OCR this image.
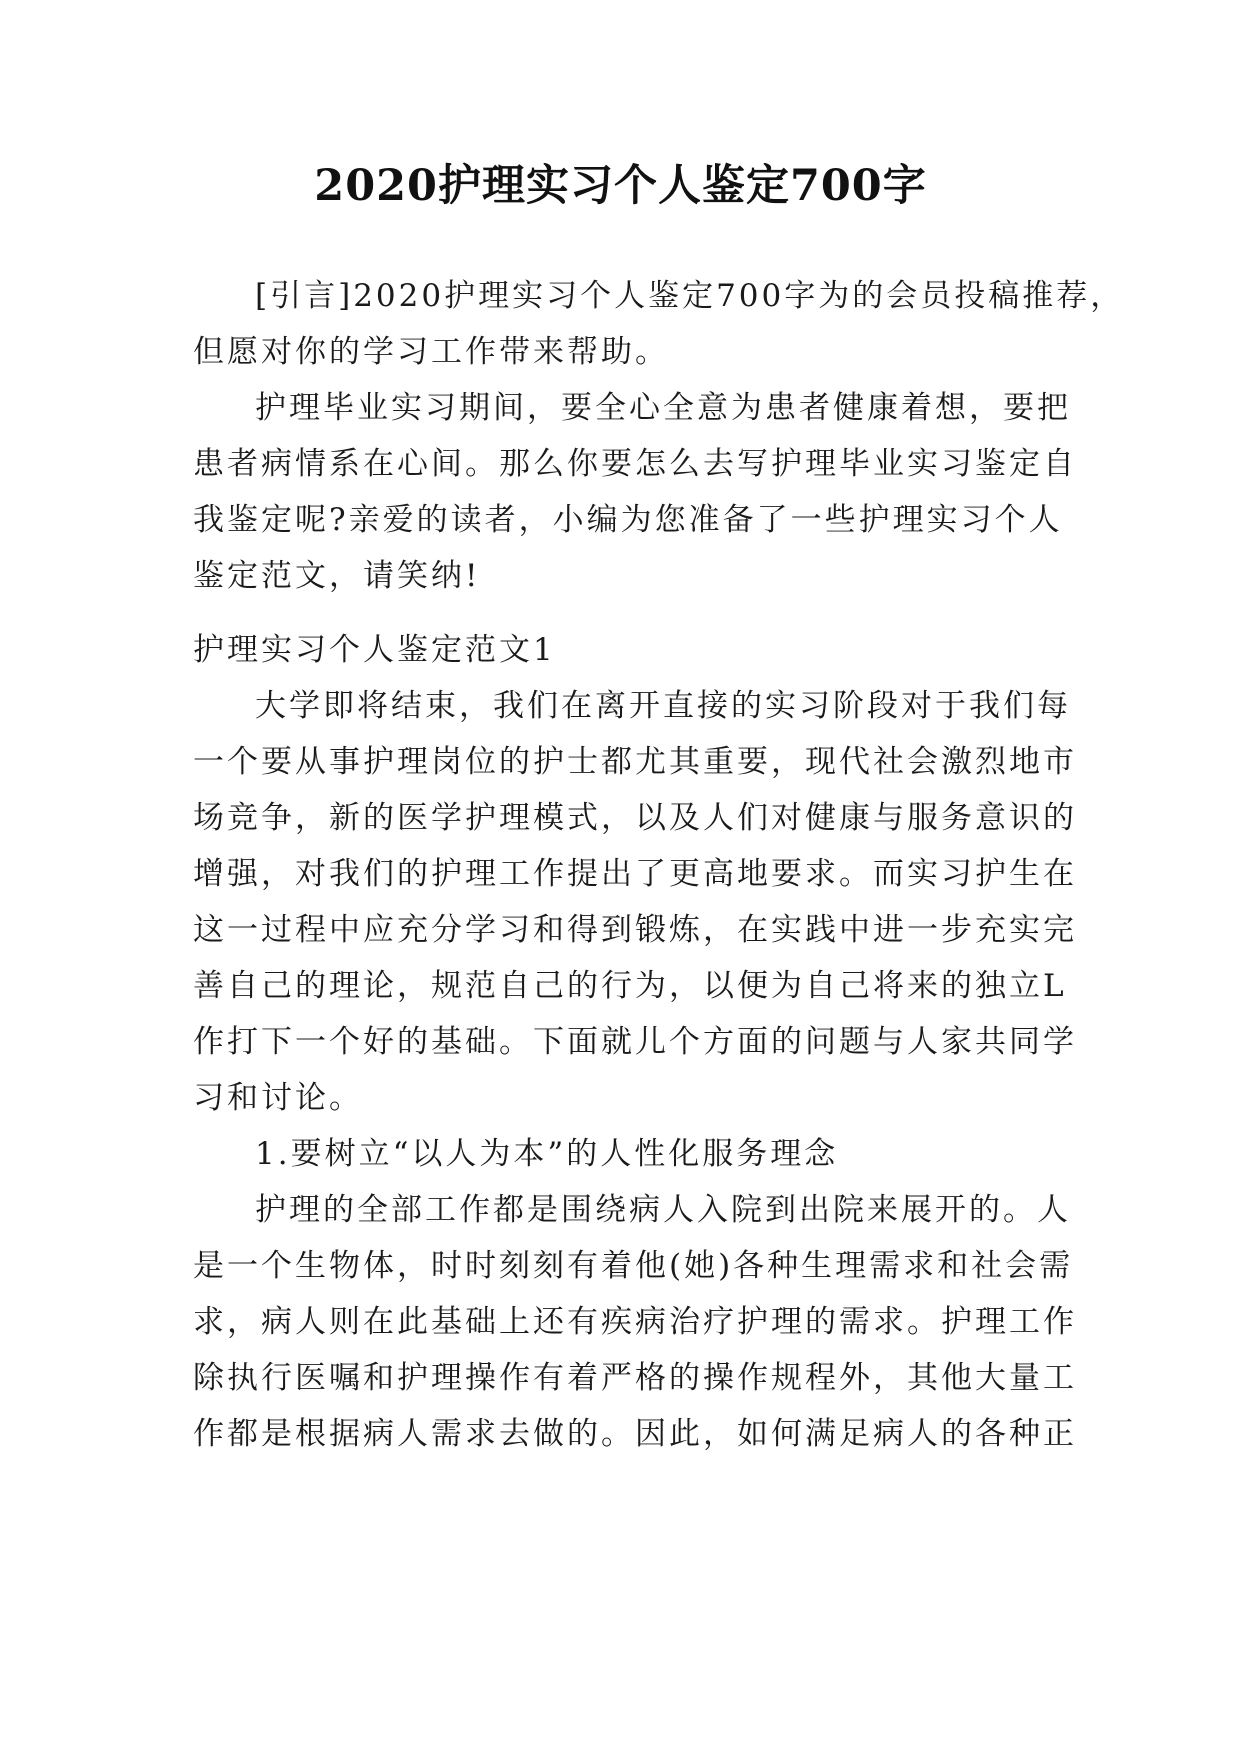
2020护理实习个人鉴定700字
[引言]2020护理实习个人鉴定700字为的会员投稿推荐，
但愿对你的学习工作带来帮助。
护理毕业实习期间，要全心全意为患者健康着想，要把
患者病情系在心间。那么你要怎么去写护理毕业实习鉴定自
我鉴定呢?亲爱的读者，小编为您准备了一些护理实习个人
鉴定范文，请笑纳!
护理实习个人鉴定范文1
大学即将结束，我们在离开直接的实习阶段对于我们每
一个要从事护理岗位的护士都尤其重要，现代社会激烈地市
场竞争，新的医学护理模式，以及人们对健康与服务意识的
增强，对我们的护理工作提出了更高地要求。而实习护生在
这一过程中应充分学习和得到锻炼，在实践中进一步充实完
善自己的理论，规范自己的行为，以便为自己将来的独立L
作打下一个好的基础。下面就儿个方面的问题与人家共同学
习和讨论。
1.要树立“以人为本”的人性化服务理念
护理的全部工作都是围绕病人入院到出院来展开的。人
是一个生物体，时时刻刻有着他(她)各种生理需求和社会需
求，病人则在此基础上还有疾病治疗护理的需求。护理工作
除执行医嘱和护理操作有着严格的操作规程外，其他大量工
作都是根据病人需求去做的。因此，如何满足病人的各种正
